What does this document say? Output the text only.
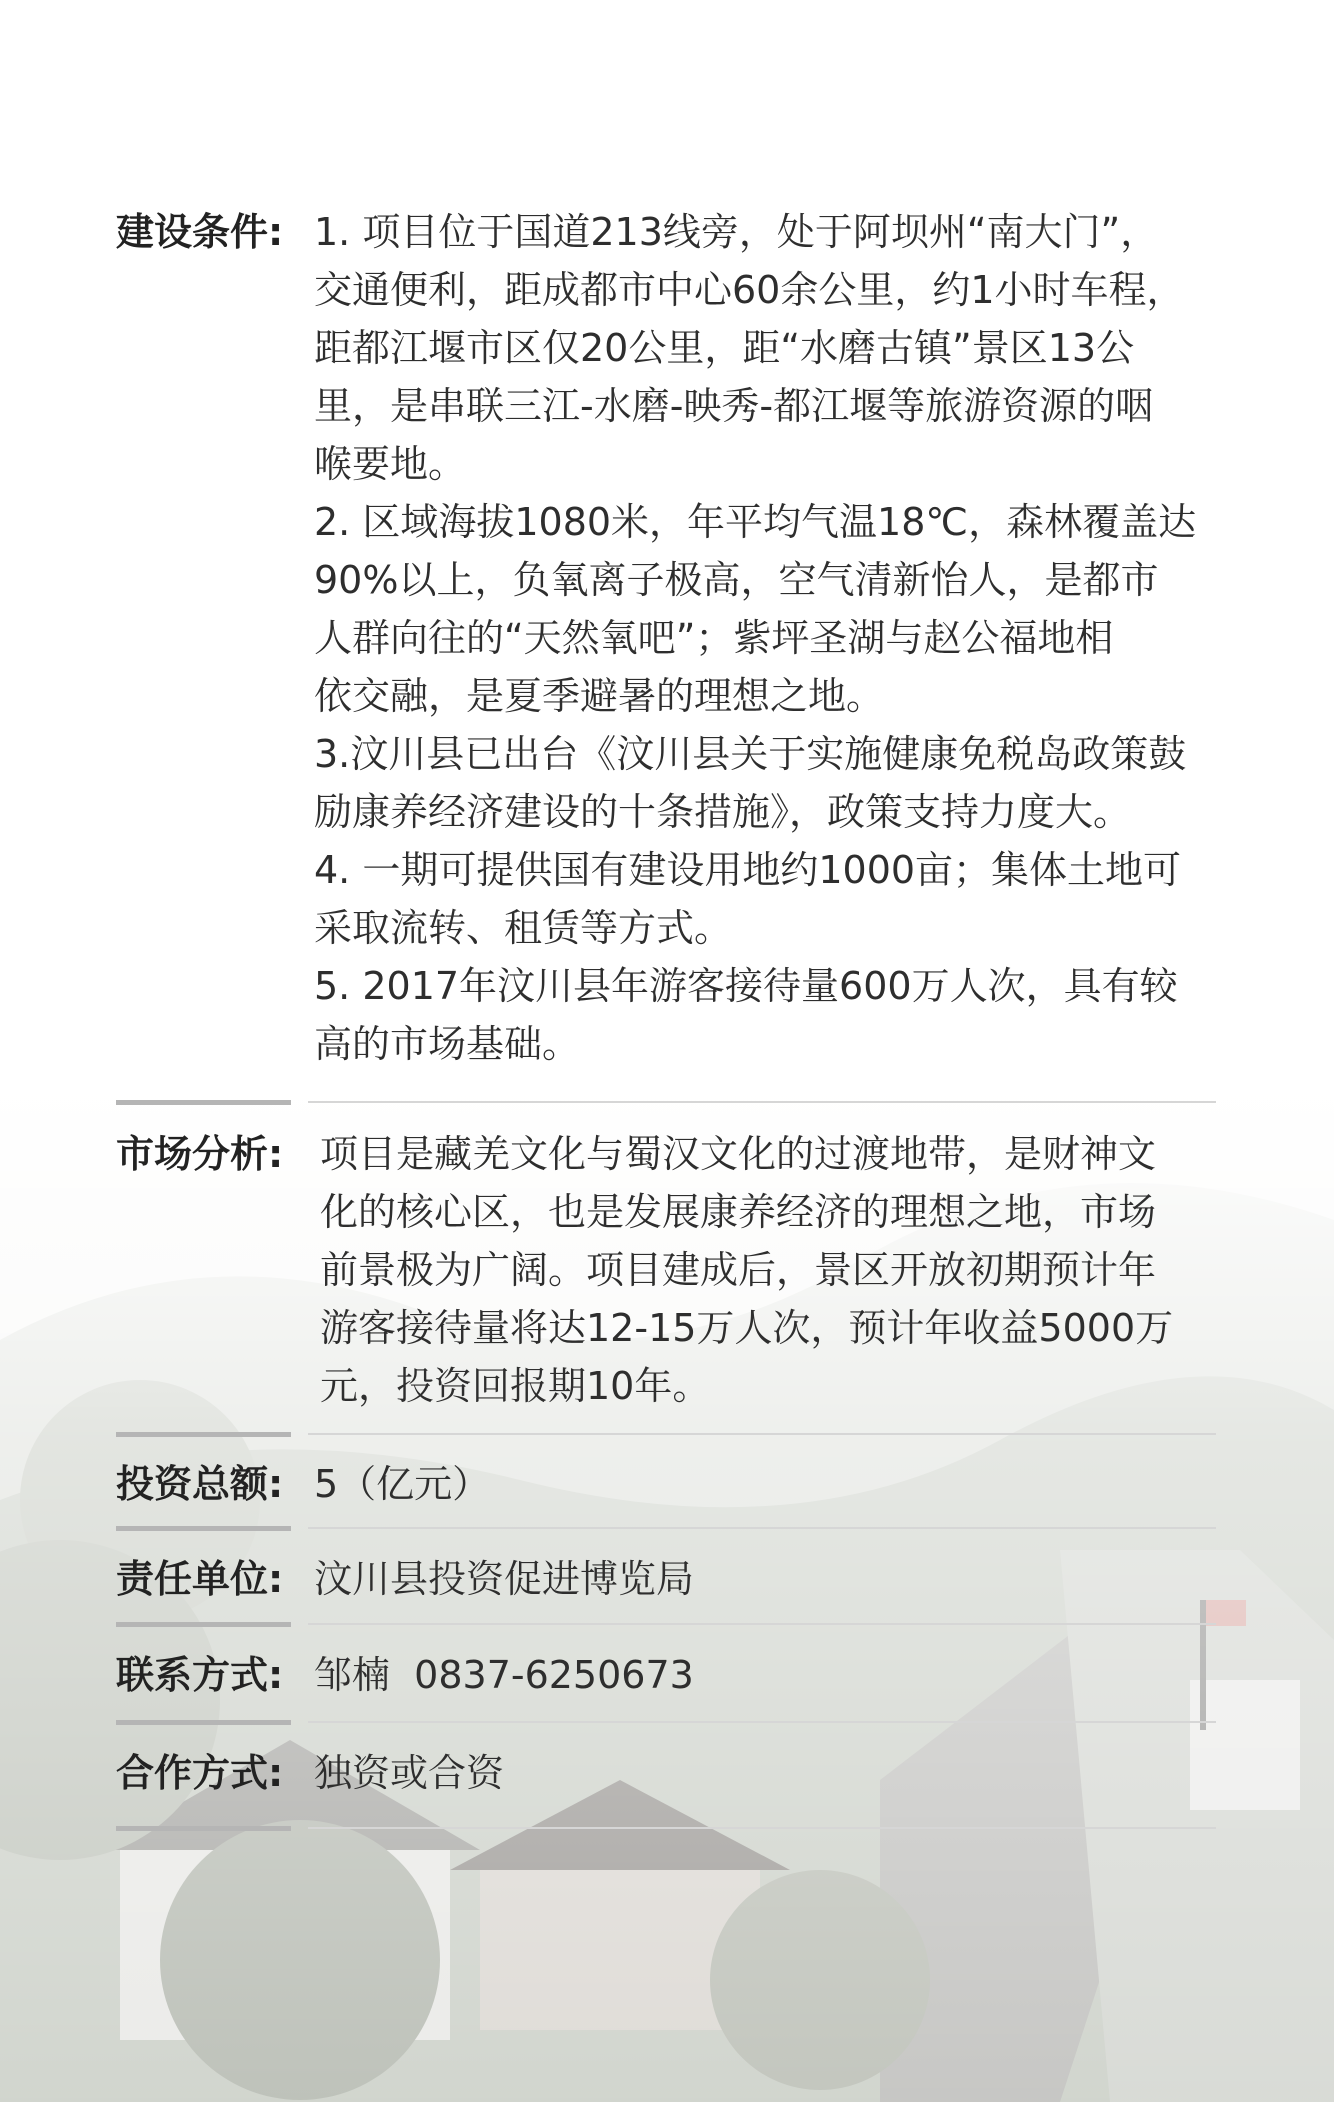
建设条件: 1. 项目位于国道213线旁，处于阿坝州“南大门”，
交通便利，距成都市中心60余公里，约1小时车程，
距都江堰市区仅20公里，距“水磨古镇”景区13公
里，是串联三江-水磨-映秀-都江堰等旅游资源的咽
喉要地。
2. 区域海拔1080米，年平均气温18℃，森林覆盖达
90%以上，负氧离子极高，空气清新怡人，是都市
人群向往的“天然氧吧”；紫坪圣湖与赵公福地相
依交融，是夏季避暑的理想之地。
3.汶川县已出台《汶川县关于实施健康免税岛政策鼓
励康养经济建设的十条措施》，政策支持力度大。
4. 一期可提供国有建设用地约1000亩；集体土地可
采取流转、租赁等方式。
5. 2017年汶川县年游客接待量600万人次，具有较
高的市场基础。
市场分析: 项目是藏羌文化与蜀汉文化的过渡地带，是财神文
化的核心区，也是发展康养经济的理想之地，市场
前景极为广阔。项目建成后，景区开放初期预计年
游客接待量将达12-15万人次，预计年收益5000万
元，投资回报期10年。
投资总额: 5（亿元）
责任单位: 汶川县投资促进博览局
联系方式: 邹楠  0837-6250673
合作方式: 独资或合资
